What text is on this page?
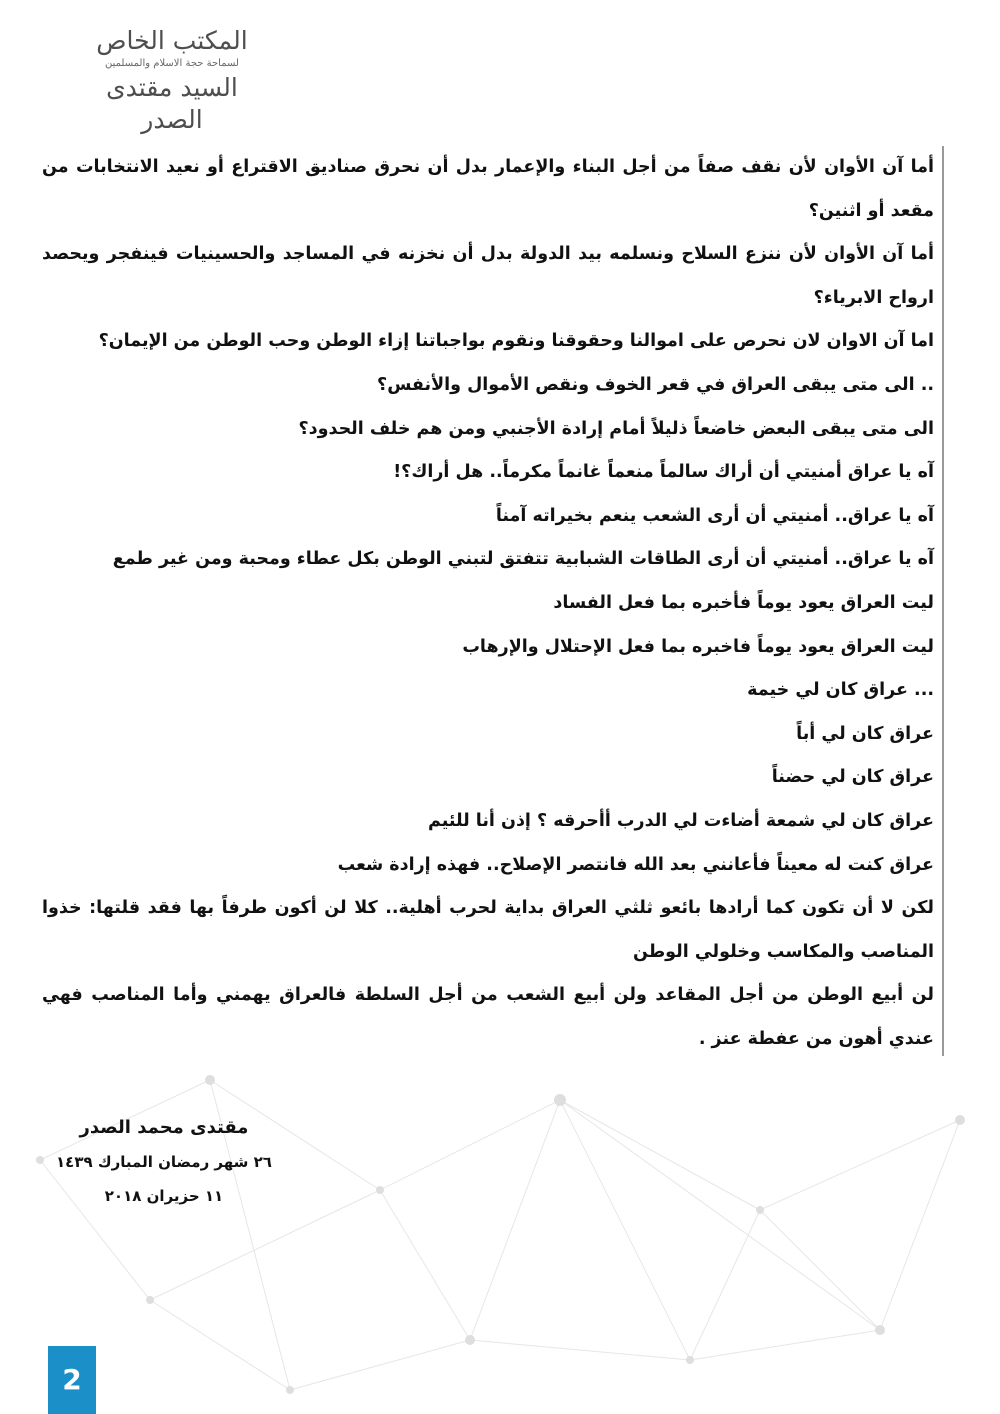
المكتب الخاص
لسماحة حجة الاسلام والمسلمين
السيد مقتدى الصدر

أما آن الأوان لأن نقف صفاً من أجل البناء والإعمار بدل أن نحرق صناديق الاقتراع أو نعيد الانتخابات من مقعد أو اثنين؟

أما آن الأوان لأن ننزع السلاح ونسلمه بيد الدولة بدل أن نخزنه في المساجد والحسينيات فينفجر ويحصد ارواح الابرياء؟

اما آن الاوان لان نحرص على اموالنا وحقوقنا ونقوم بواجباتنا إزاء الوطن وحب الوطن من الإيمان؟

.. الى متى يبقى العراق في قعر الخوف ونقص الأموال والأنفس؟

الى متى يبقى البعض خاضعاً ذليلاً أمام إرادة الأجنبي ومن هم خلف الحدود؟

آه يا عراق أمنيتي أن أراك سالماً منعماً غانماً مكرماً.. هل أراك؟!

آه يا عراق.. أمنيتي أن أرى الشعب ينعم بخيراته آمناً

آه يا عراق.. أمنيتي أن أرى الطاقات الشبابية تتفتق لتبني الوطن بكل عطاء ومحبة ومن غير طمع

ليت العراق يعود يوماً فأخبره بما فعل الفساد

ليت العراق يعود يوماً فاخبره بما فعل الإحتلال والإرهاب

... عراق كان لي خيمة

عراق كان لي أباً

عراق كان لي حضناً

عراق كان لي شمعة أضاءت لي الدرب أأحرقه ؟ إذن أنا للئيم

عراق كنت له معيناً فأعانني بعد الله فانتصر الإصلاح.. فهذه إرادة شعب

لكن لا أن تكون كما أرادها بائعو ثلثي العراق بداية لحرب أهلية.. كلا لن أكون طرفاً بها فقد قلتها: خذوا المناصب والمكاسب وخلولي الوطن

لن أبيع الوطن من أجل المقاعد ولن أبيع الشعب من أجل السلطة فالعراق يهمني وأما المناصب فهي عندي أهون من عفطة عنز .

مقتدى محمد الصدر
٢٦ شهر رمضان المبارك ١٤٣٩
١١ حزيران ٢٠١٨
2
